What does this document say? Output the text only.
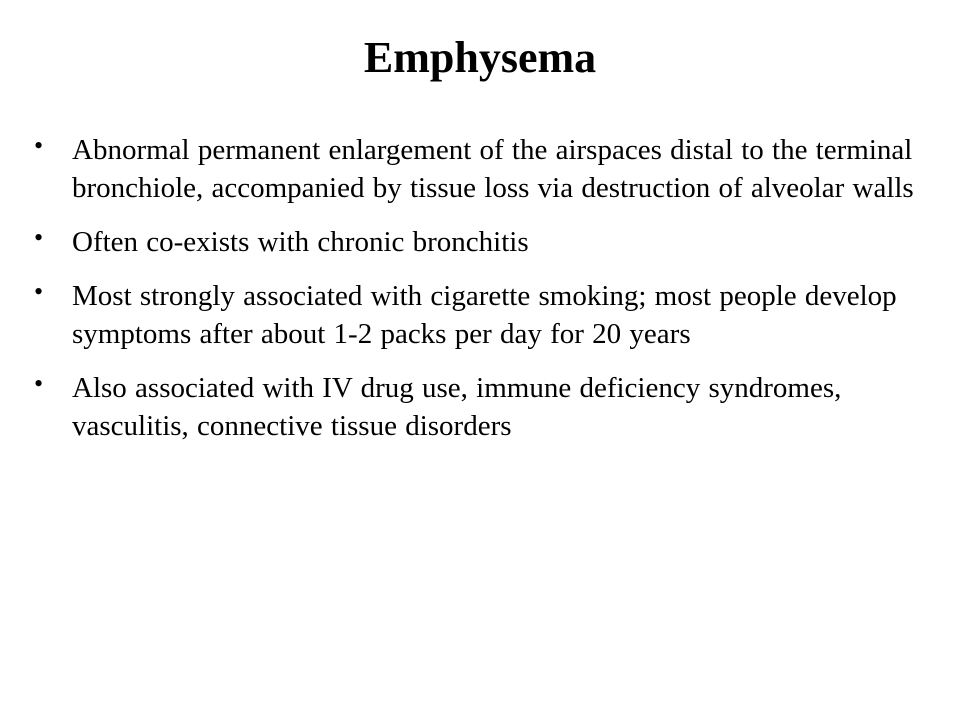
Emphysema
• Abnormal permanent enlargement of the airspaces distal to the terminal bronchiole, accompanied by tissue loss via destruction of alveolar walls
• Often co-exists with chronic bronchitis
• Most strongly associated with cigarette smoking; most people develop symptoms after about 1-2 packs per day for 20 years
• Also associated with IV drug use, immune deficiency syndromes, vasculitis, connective tissue disorders
